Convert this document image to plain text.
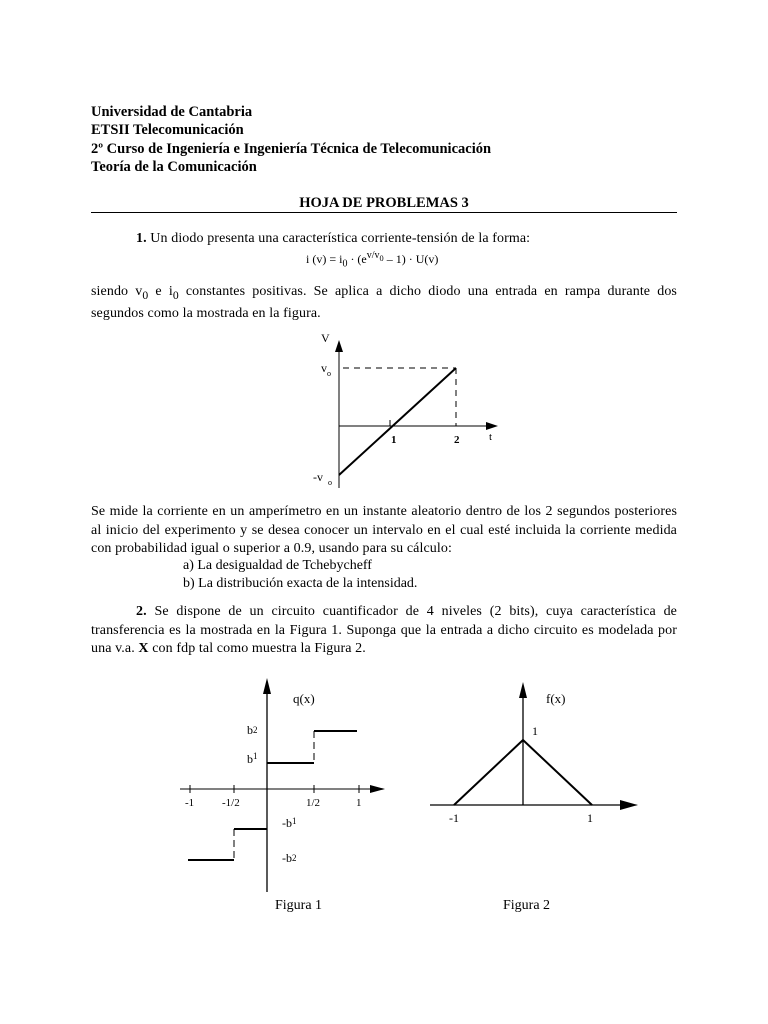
Universidad de Cantabria
ETSII Telecomunicación
2º Curso de Ingeniería e Ingeniería Técnica de Telecomunicación
Teoría de la Comunicación
HOJA DE PROBLEMAS 3
1. Un diodo presenta una característica corriente-tensión de la forma:
i $(v) = i_0 \cdot (e^{v/v_0} - 1) \cdot U(v)$
siendo $v_0$ e $i_0$ constantes positivas. Se aplica a dicho diodo una entrada en rampa durante dos segundos como la mostrada en la figura.
V
$v_o$
-v $_o$
1	2	t
Se mide la corriente en un amperímetro en un instante aleatorio dentro de los 2 segundos posteriores al inicio del experimento y se desea conocer un intervalo en el cual esté incluida la corriente medida con probabilidad igual o superior a 0.9, usando para su cálculo:
a) La desigualdad de Tchebycheff
b) La distribución exacta de la intensidad.
2. Se dispone de un circuito cuantificador de 4 niveles (2 bits), cuya característica de transferencia es la mostrada en la Figura 1. Suponga que la entrada a dicho circuito es modelada por una v.a. X con fdp tal como muestra la Figura 2.
q(x)
b2
$b^1$
$-b^1$
-b2
-1	-1/2	1/2	1
Figura 1
f(x)
1
-1	1
Figura 2
